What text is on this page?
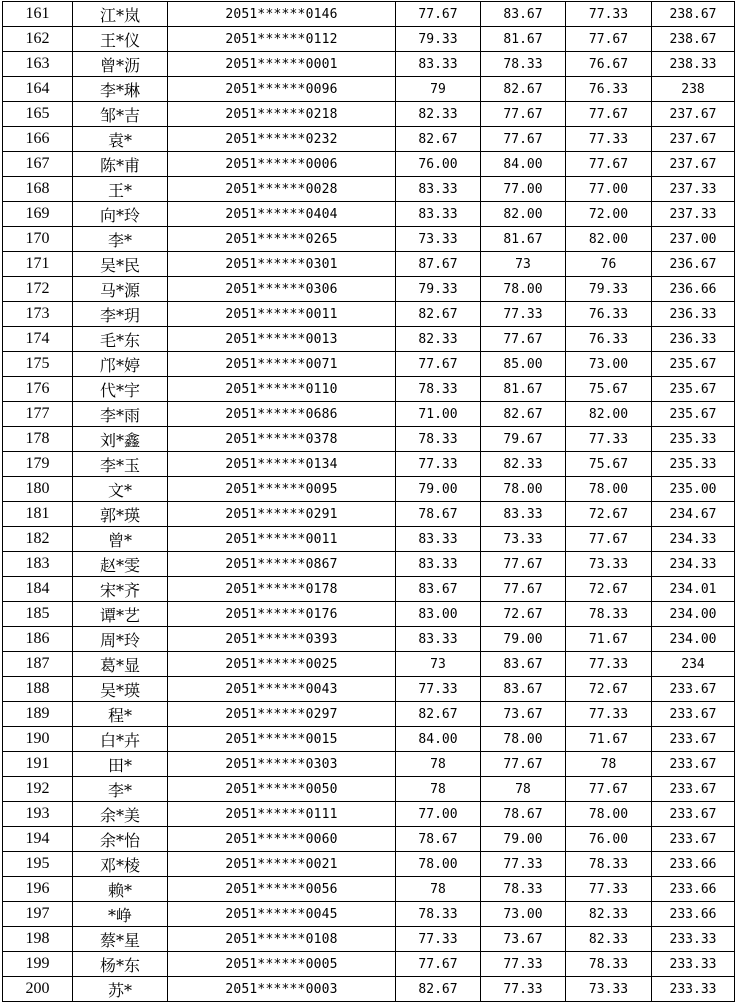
161	江*岚	2051******0146	77.67	83.67	77.33	238.67
162	王*仪	2051******0112	79.33	81.67	77.67	238.67
163	曾*沥	2051******0001	83.33	78.33	76.67	238.33
164	李*琳	2051******0096	79	82.67	76.33	238
165	邹*吉	2051******0218	82.33	77.67	77.67	237.67
166	袁*	2051******0232	82.67	77.67	77.33	237.67
167	陈*甫	2051******0006	76.00	84.00	77.67	237.67
168	王*	2051******0028	83.33	77.00	77.00	237.33
169	向*玲	2051******0404	83.33	82.00	72.00	237.33
170	李*	2051******0265	73.33	81.67	82.00	237.00
171	吴*民	2051******0301	87.67	73	76	236.67
172	马*源	2051******0306	79.33	78.00	79.33	236.66
173	李*玥	2051******0011	82.67	77.33	76.33	236.33
174	毛*东	2051******0013	82.33	77.67	76.33	236.33
175	邝*婷	2051******0071	77.67	85.00	73.00	235.67
176	代*宇	2051******0110	78.33	81.67	75.67	235.67
177	李*雨	2051******0686	71.00	82.67	82.00	235.67
178	刘*鑫	2051******0378	78.33	79.67	77.33	235.33
179	李*玉	2051******0134	77.33	82.33	75.67	235.33
180	文*	2051******0095	79.00	78.00	78.00	235.00
181	郭*瑛	2051******0291	78.67	83.33	72.67	234.67
182	曾*	2051******0011	83.33	73.33	77.67	234.33
183	赵*雯	2051******0867	83.33	77.67	73.33	234.33
184	宋*齐	2051******0178	83.67	77.67	72.67	234.01
185	谭*艺	2051******0176	83.00	72.67	78.33	234.00
186	周*玲	2051******0393	83.33	79.00	71.67	234.00
187	葛*显	2051******0025	73	83.67	77.33	234
188	吴*瑛	2051******0043	77.33	83.67	72.67	233.67
189	程*	2051******0297	82.67	73.67	77.33	233.67
190	白*卉	2051******0015	84.00	78.00	71.67	233.67
191	田*	2051******0303	78	77.67	78	233.67
192	李*	2051******0050	78	78	77.67	233.67
193	余*美	2051******0111	77.00	78.67	78.00	233.67
194	余*怡	2051******0060	78.67	79.00	76.00	233.67
195	邓*棱	2051******0021	78.00	77.33	78.33	233.66
196	赖*	2051******0056	78	78.33	77.33	233.66
197	*峥	2051******0045	78.33	73.00	82.33	233.66
198	蔡*星	2051******0108	77.33	73.67	82.33	233.33
199	杨*东	2051******0005	77.67	77.33	78.33	233.33
200	苏*	2051******0003	82.67	77.33	73.33	233.33
